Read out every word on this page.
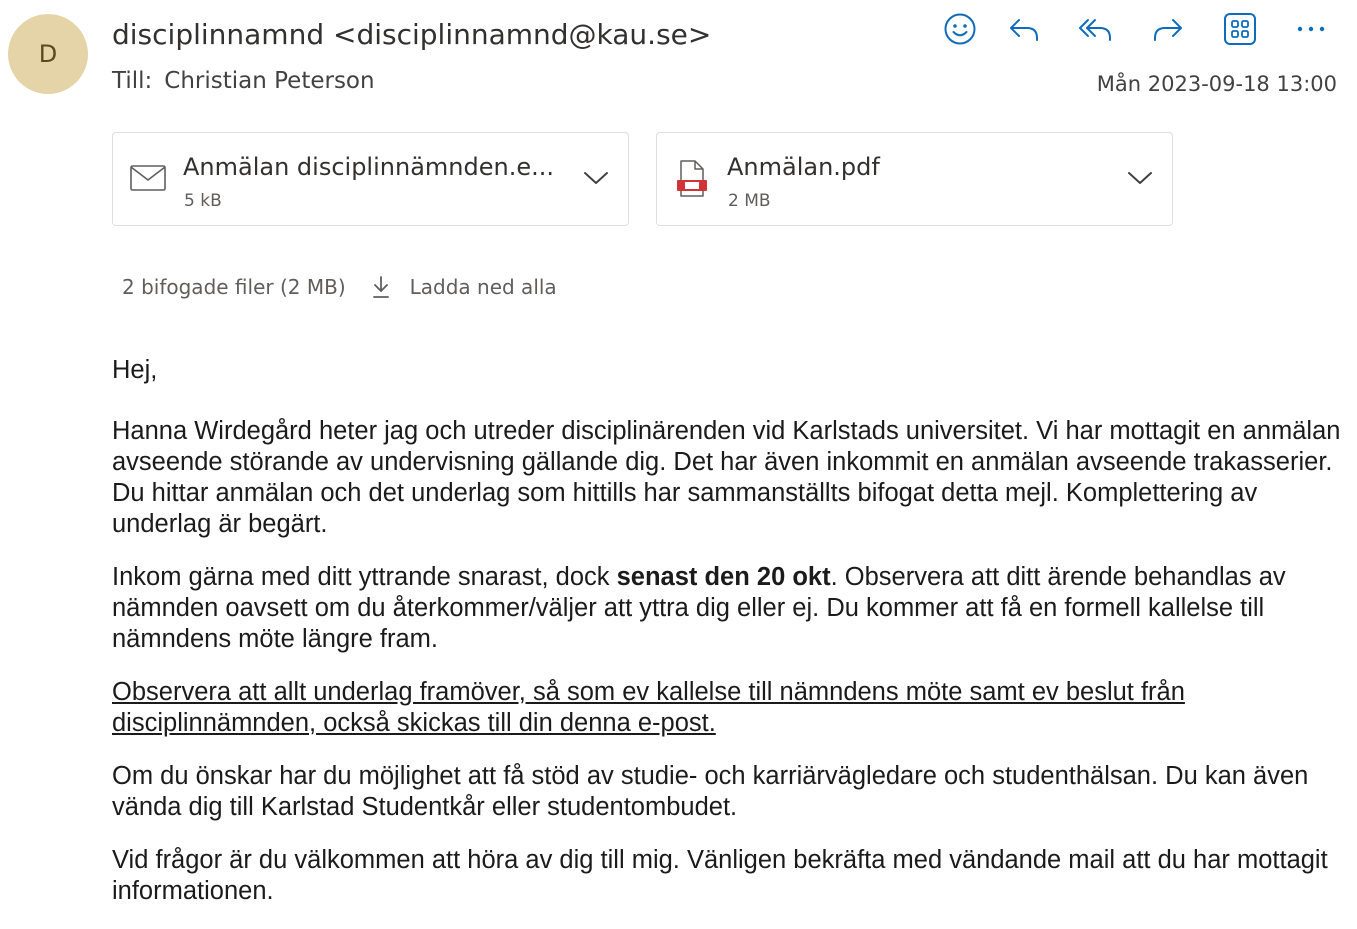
D
disciplinnamnd <disciplinnamnd@kau.se>
Till: Christian Peterson	Mån 2023-09-18 13:00
Anmälan disciplinnämnden.e...
5 kB
Anmälan.pdf
2 MB
2 bifogade filer (2 MB)	Ladda ned alla

Hej,

Hanna Wirdegård heter jag och utreder disciplinärenden vid Karlstads universitet. Vi har mottagit en anmälan avseende störande av undervisning gällande dig. Det har även inkommit en anmälan avseende trakasserier. Du hittar anmälan och det underlag som hittills har sammanställts bifogat detta mejl. Komplettering av underlag är begärt.

Inkom gärna med ditt yttrande snarast, dock senast den 20 okt. Observera att ditt ärende behandlas av nämnden oavsett om du återkommer/väljer att yttra dig eller ej. Du kommer att få en formell kallelse till nämndens möte längre fram.

Observera att allt underlag framöver, så som ev kallelse till nämndens möte samt ev beslut från disciplinnämnden, också skickas till din denna e-post.

Om du önskar har du möjlighet att få stöd av studie- och karriärvägledare och studenthälsan. Du kan även vända dig till Karlstad Studentkår eller studentombudet.

Vid frågor är du välkommen att höra av dig till mig. Vänligen bekräfta med vändande mail att du har mottagit informationen.
